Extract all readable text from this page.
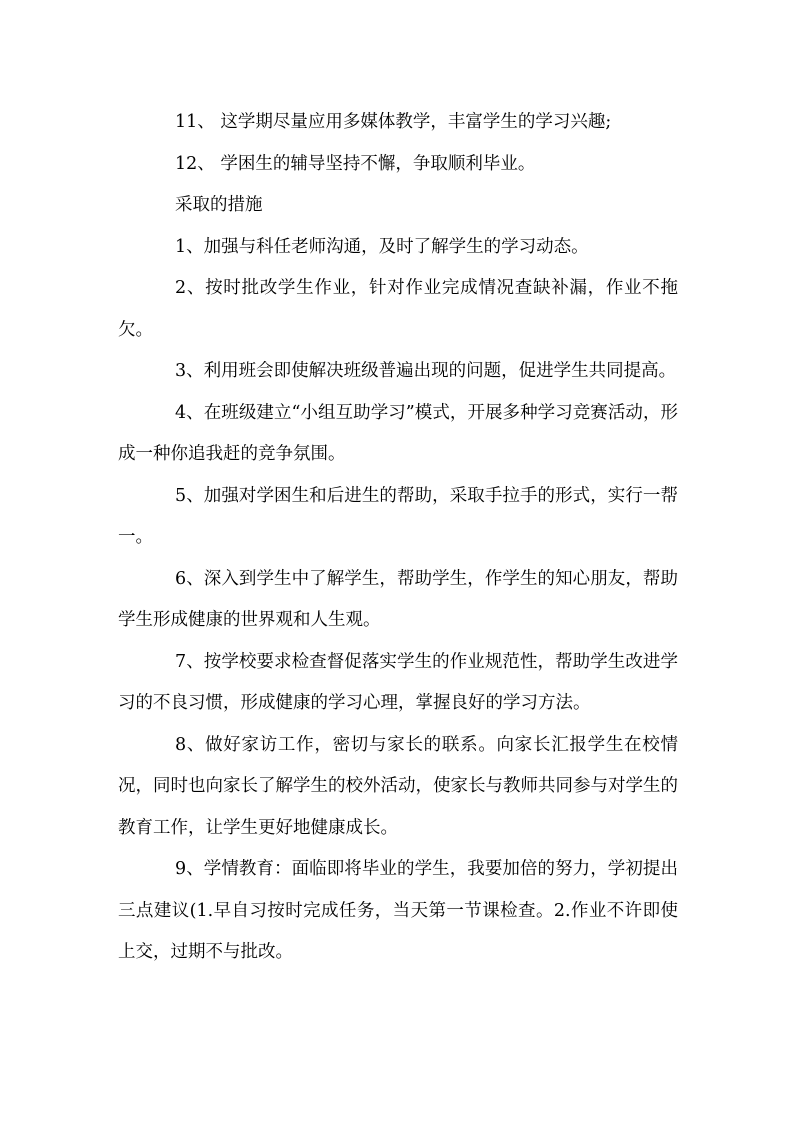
11、 这学期尽量应用多媒体教学，丰富学生的学习兴趣;

12、 学困生的辅导坚持不懈，争取顺利毕业。

采取的措施

1、加强与科任老师沟通，及时了解学生的学习动态。

2、按时批改学生作业，针对作业完成情况查缺补漏，作业不拖欠。

3、利用班会即使解决班级普遍出现的问题，促进学生共同提高。

4、在班级建立“小组互助学习”模式，开展多种学习竞赛活动，形成一种你追我赶的竞争氛围。

5、加强对学困生和后进生的帮助，采取手拉手的形式，实行一帮一。

6、深入到学生中了解学生，帮助学生，作学生的知心朋友，帮助学生形成健康的世界观和人生观。

7、按学校要求检查督促落实学生的作业规范性，帮助学生改进学习的不良习惯，形成健康的学习心理，掌握良好的学习方法。

8、做好家访工作，密切与家长的联系。向家长汇报学生在校情况，同时也向家长了解学生的校外活动，使家长与教师共同参与对学生的教育工作，让学生更好地健康成长。

9、学情教育：面临即将毕业的学生，我要加倍的努力，学初提出三点建议(1.早自习按时完成任务，当天第一节课检查。2.作业不许即使上交，过期不与批改。
